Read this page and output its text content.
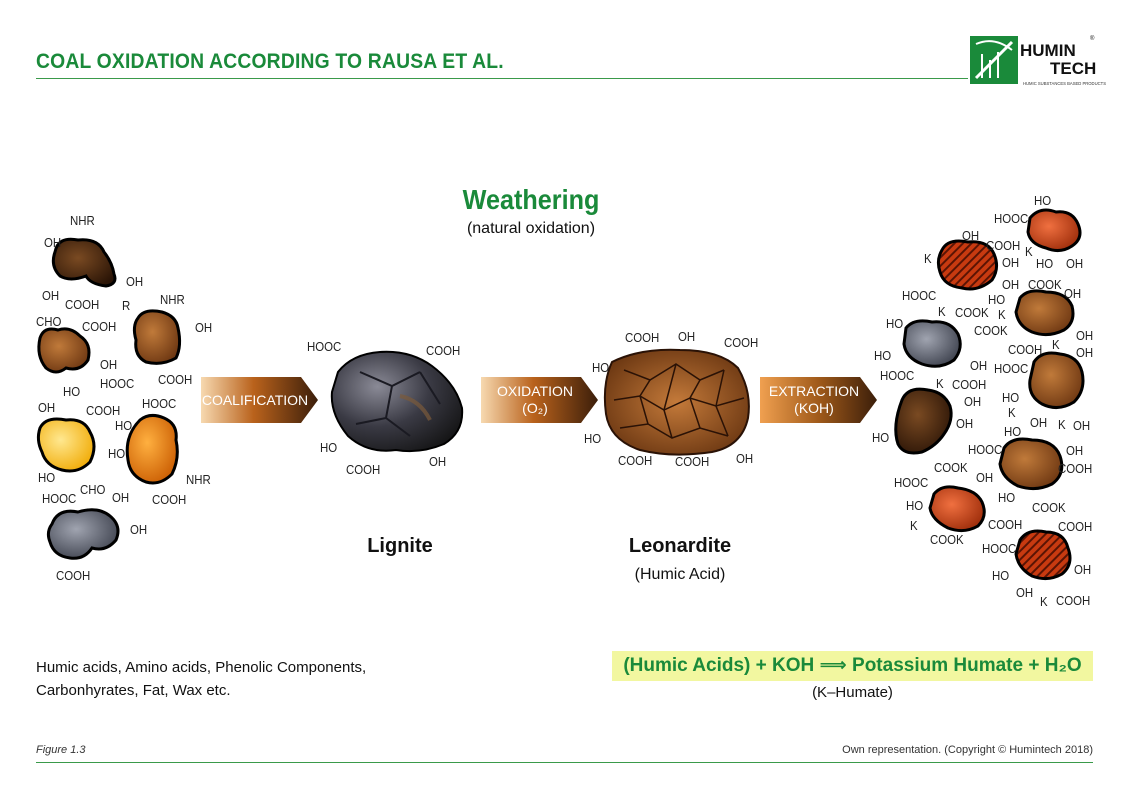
COAL OXIDATION ACCORDING TO RAUSA ET AL.	HUMIN
TECH
®
HUMIC SUBSTANCES BASED PRODUCTS
Weathering
(natural oxidation)
COALIFICATION
OXIDATION
(O₂)
EXTRACTION
(KOH)
Lignite	Leonardite
(Humic Acid)
NHR
OH
OH
OH
COOH R NHR
CHO COOH	OH
OH
HO
HOOC COOH
OH COOH HOOC
HO
HO
HO	NHR
CHO
HOOC	OH COOH
OH
COOH
HOOC	COOH
HO
COOH
OH
COOH OH COOH
HO
HO
COOH COOH OH
HO
HOOC
OH
COOH
K	OH
K
HO OH
OH COOK
OH
HOOC	HO
K	K
COOK
HO	COOK	OH
COOH K
OH
HO
OH HOOC
HOOC
K COOH
OH HO
K
OH
HO
OH	K OH
HO
HOOC	OH
COOK	COOH
OH
HOOC
HO
COOK
HO
K	COOH	COOH
COOK
HOOC
HO	OH
OH
K COOH
Humic acids, Amino acids, Phenolic Components,
Carbonhyrates, Fat, Wax etc.
(Humic Acids) + KOH ⟹ Potassium Humate + H₂O
(K–Humate)
Figure 1.3	Own representation. (Copyright © Humintech 2018)
